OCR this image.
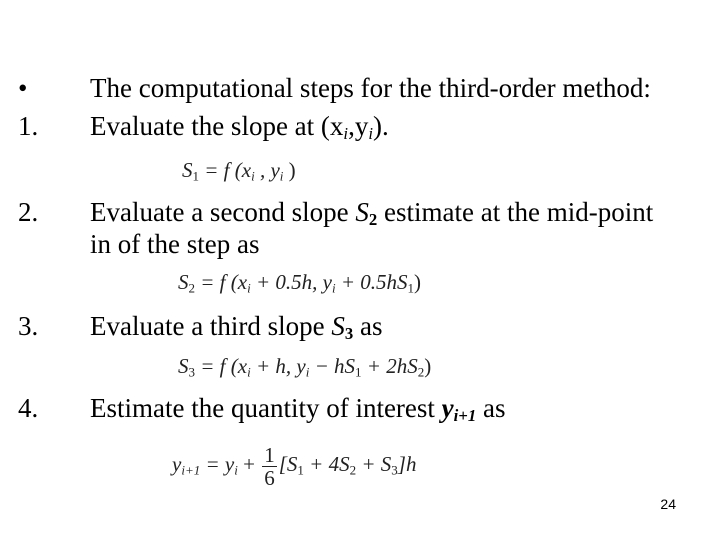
• The computational steps for the third-order method:
1. Evaluate the slope at $(x_i,y_i)$.
$S_1 = f$ ($x_i$ , $y_i$ )
2. Evaluate a second slope $S_2$ estimate at the mid-point
in of the step as
$S_2 = f$ ($x_i + 0.5h$, $y_i + 0.5hS_1$)
3. Evaluate a third slope $S_3$ as
$S_3 = f$ ($x_i + h$, $y_i - hS_1 + 2hS_2$)
4. Estimate the quantity of interest $y_{i+1}$ as
$y_{i+1} = y_i + \frac{1}{6} [S_1 + 4S_2 + S_3]h$
24
